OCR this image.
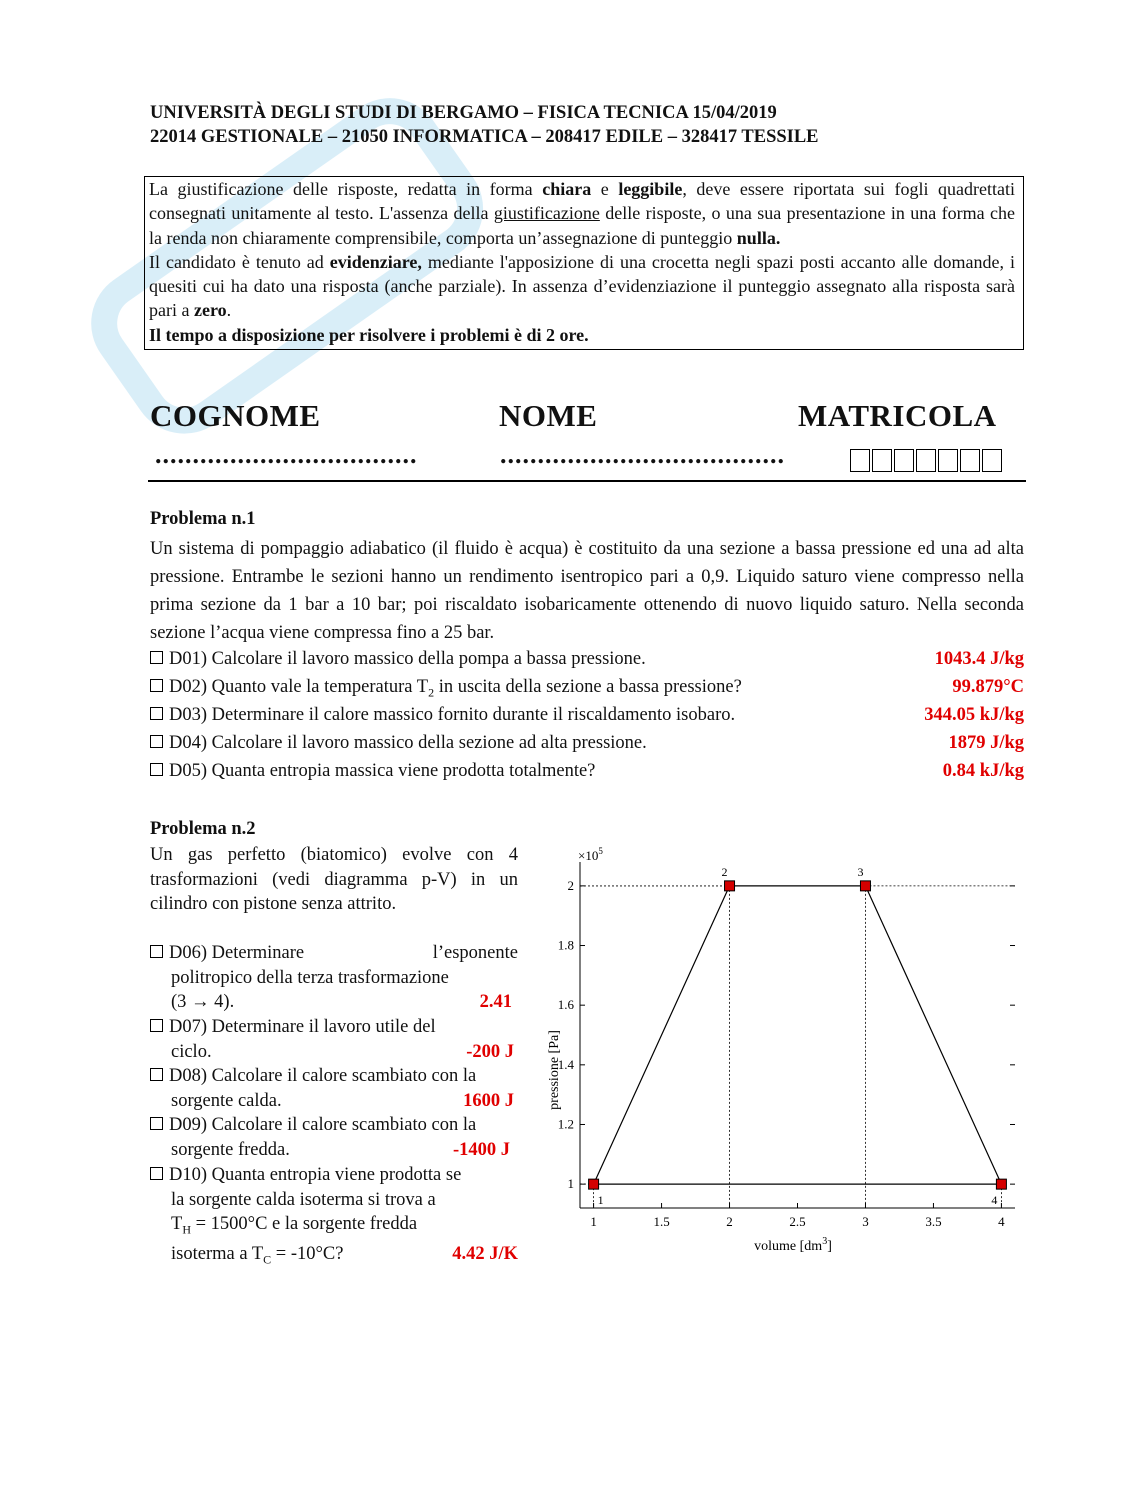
UNIVERSITÀ DEGLI STUDI DI BERGAMO – FISICA TECNICA 15/04/2019
22014 GESTIONALE – 21050 INFORMATICA – 208417 EDILE – 328417 TESSILE

La giustificazione delle risposte, redatta in forma chiara e leggibile, deve essere riportata sui fogli quadrettati consegnati unitamente al testo. L'assenza della giustificazione delle risposte, o una sua presentazione in una forma che la renda non chiaramente comprensibile, comporta un’assegnazione di punteggio nulla.

Il candidato è tenuto ad evidenziare, mediante l'apposizione di una crocetta negli spazi posti accanto alle domande, i quesiti cui ha dato una risposta (anche parziale). In assenza d’evidenziazione il punteggio assegnato alla risposta sarà pari a zero.

Il tempo a disposizione per risolvere i problemi è di 2 ore.

COGNOME	NOME	MATRICOLA
...................................	......................................
Problema n.1
Un sistema di pompaggio adiabatico (il fluido è acqua) è costituito da una sezione a bassa pressione ed una ad alta pressione. Entrambe le sezioni hanno un rendimento isentropico pari a 0,9. Liquido saturo viene compresso nella prima sezione da 1 bar a 10 bar; poi riscaldato isobaricamente ottenendo di nuovo liquido saturo. Nella seconda sezione l’acqua viene compressa fino a 25 bar.
D01) Calcolare il lavoro massico della pompa a bassa pressione.	1043.4 J/kg
D02) Quanto vale la temperatura $T_2$ in uscita della sezione a bassa pressione?	99.879°C
D03) Determinare il calore massico fornito durante il riscaldamento isobaro.	344.05 kJ/kg
D04) Calcolare il lavoro massico della sezione ad alta pressione.	1879 J/kg
D05) Quanta entropia massica viene prodotta totalmente?	0.84 kJ/kg
Problema n.2
Un gas perfetto (biatomico) evolve con 4 trasformazioni (vedi diagramma p-V) in un cilindro con pistone senza attrito.
D06) Determinare	l’esponente
politropico della terza trasformazione
(3 → 4).	2.41
D07) Determinare il lavoro utile del
ciclo.	-200 J
D08) Calcolare il calore scambiato con la
sorgente calda.	1600 J
D09) Calcolare il calore scambiato con la
sorgente fredda.	-1400 J
D10) Quanta entropia viene prodotta se
la sorgente calda isoterma si trova a
$T_H = 1500^\circ C$ e la sorgente fredda
isoterma a $T_C = -10^\circ C$?	4.42 J/K
1	1.5	2	2.5	3	3.5	4
1
1.2
1.4
1.6
1.8
2
1
2	3
4
$\times 10^5$
pressione [Pa]
volume $[dm^3]$
